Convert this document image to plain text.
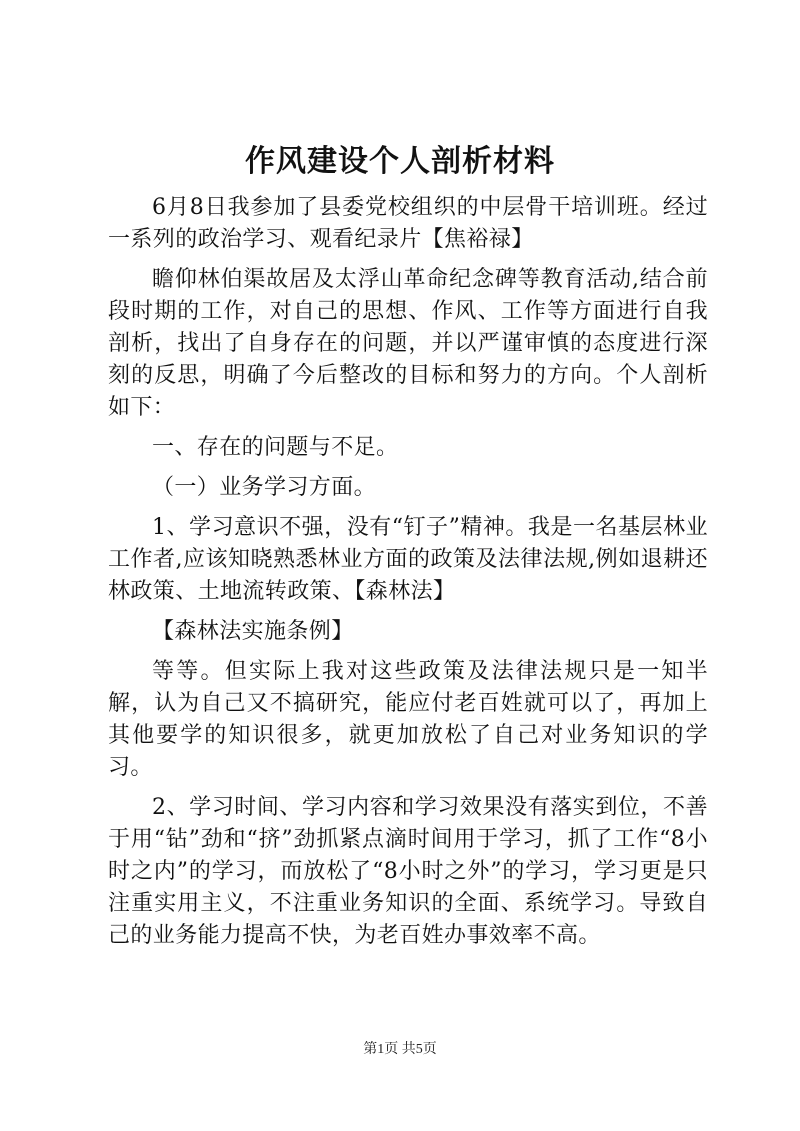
作风建设个人剖析材料

6月8日我参加了县委党校组织的中层骨干培训班。经过一系列的政治学习、观看纪录片【焦裕禄】

瞻仰林伯渠故居及太浮山革命纪念碑等教育活动,结合前段时期的工作，对自己的思想、作风、工作等方面进行自我剖析，找出了自身存在的问题，并以严谨审慎的态度进行深刻的反思，明确了今后整改的目标和努力的方向。个人剖析如下：

一、存在的问题与不足。

（一）业务学习方面。

1、学习意识不强，没有“钉子”精神。我是一名基层林业工作者,应该知晓熟悉林业方面的政策及法律法规,例如退耕还林政策、土地流转政策、【森林法】

【森林法实施条例】

等等。但实际上我对这些政策及法律法规只是一知半解，认为自己又不搞研究，能应付老百姓就可以了，再加上其他要学的知识很多，就更加放松了自己对业务知识的学习。

2、学习时间、学习内容和学习效果没有落实到位，不善于用“钻”劲和“挤”劲抓紧点滴时间用于学习，抓了工作“8小时之内”的学习，而放松了“8小时之外”的学习，学习更是只注重实用主义，不注重业务知识的全面、系统学习。导致自己的业务能力提高不快，为老百姓办事效率不高。

第1页 共5页
